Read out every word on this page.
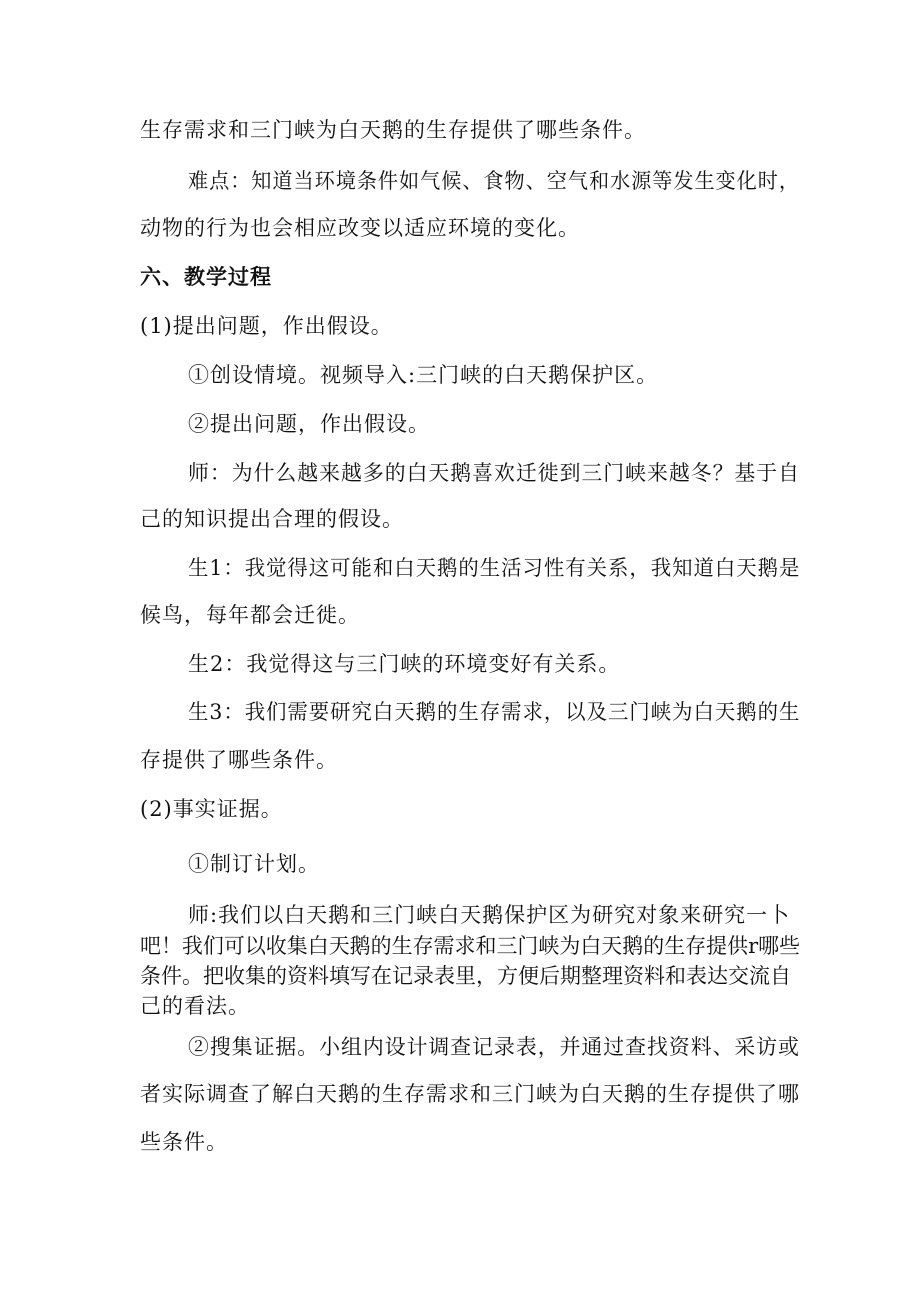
生存需求和三门峡为白天鹅的生存提供了哪些条件。
难点：知道当环境条件如气候、食物、空气和水源等发生变化时，
动物的行为也会相应改变以适应环境的变化。
六、教学过程
(1)提出问题，作出假设。
①创设情境。视频导入:三门峡的白天鹅保护区。
②提出问题，作出假设。
师：为什么越来越多的白天鹅喜欢迁徙到三门峡来越冬？基于自
己的知识提出合理的假设。
生1：我觉得这可能和白天鹅的生活习性有关系，我知道白天鹅是
候鸟，每年都会迁徙。
生2：我觉得这与三门峡的环境变好有关系。
生3：我们需要研究白天鹅的生存需求，以及三门峡为白天鹅的生
存提供了哪些条件。
(2)事实证据。
①制订计划。
师:我们以白天鹅和三门峡白天鹅保护区为研究对象来研究一卜
吧！我们可以收集白天鹅的生存需求和三门峡为白天鹅的生存提供r哪些
条件。把收集的资料填写在记录表里，方便后期整理资料和表达交流自
己的看法。
②搜集证据。小组内设计调查记录表，并通过查找资料、采访或
者实际调查了解白天鹅的生存需求和三门峡为白天鹅的生存提供了哪
些条件。
